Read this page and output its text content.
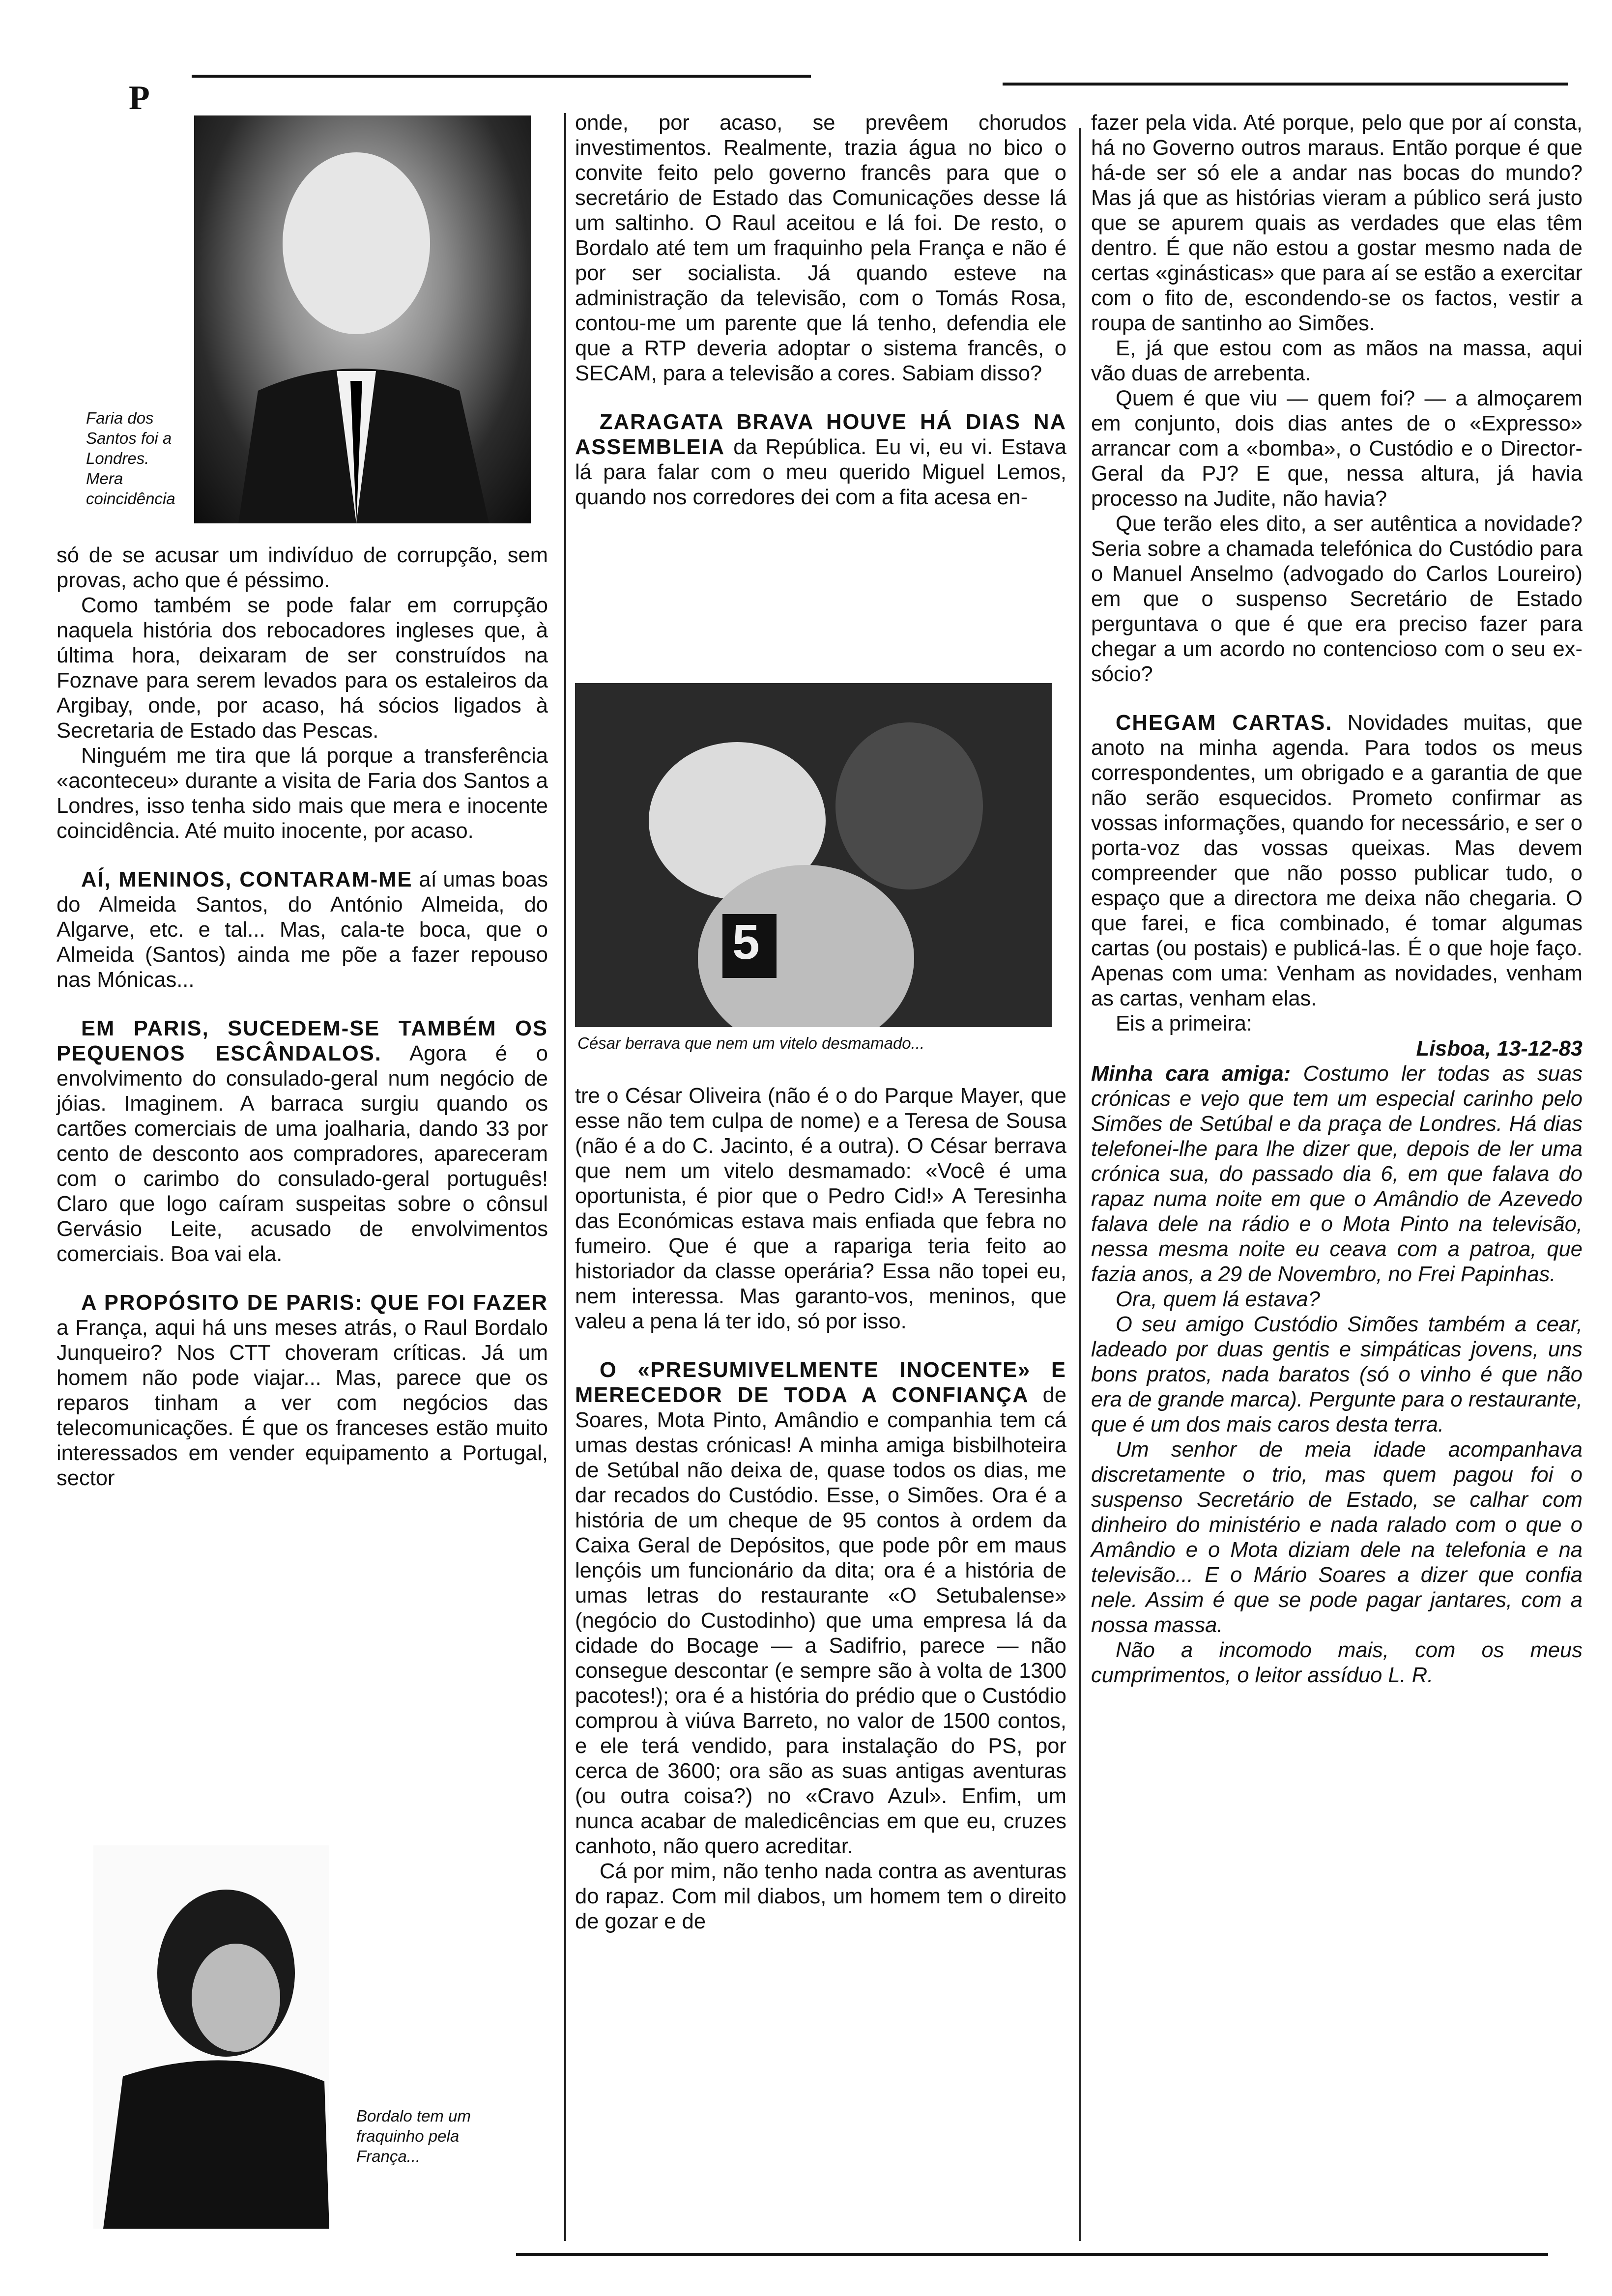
P

Faria dos Santos foi a Londres. Mera coincidência

só de se acusar um indivíduo de corrupção, sem provas, acho que é péssimo.

Como também se pode falar em corrupção naquela história dos rebocadores ingleses que, à última hora, deixaram de ser construídos na Foznave para serem levados para os estaleiros da Argibay, onde, por acaso, há sócios ligados à Secretaria de Estado das Pescas.

Ninguém me tira que lá porque a transferência «aconteceu» durante a visita de Faria dos Santos a Londres, isso tenha sido mais que mera e inocente coincidência. Até muito inocente, por acaso.

AÍ, MENINOS, CONTARAM-ME aí umas boas do Almeida Santos, do António Almeida, do Algarve, etc. e tal... Mas, cala-te boca, que o Almeida (Santos) ainda me põe a fazer repouso nas Mónicas...

EM PARIS, SUCEDEM-SE TAMBÉM OS PEQUENOS ESCÂNDALOS. Agora é o envolvimento do consulado-geral num negócio de jóias. Imaginem. A barraca surgiu quando os cartões comerciais de uma joalharia, dando 33 por cento de desconto aos compradores, apareceram com o carimbo do consulado-geral português! Claro que logo caíram suspeitas sobre o cônsul Gervásio Leite, acusado de envolvimentos comerciais. Boa vai ela.

A PROPÓSITO DE PARIS: QUE FOI FAZER a França, aqui há uns meses atrás, o Raul Bordalo Junqueiro? Nos CTT choveram críticas. Já um homem não pode viajar... Mas, parece que os reparos tinham a ver com negócios das telecomunicações. É que os franceses estão muito interessados em vender equipamento a Portugal, sector

Bordalo tem um fraquinho pela França...

onde, por acaso, se prevêem chorudos investimentos. Realmente, trazia água no bico o convite feito pelo governo francês para que o secretário de Estado das Comunicações desse lá um saltinho. O Raul aceitou e lá foi. De resto, o Bordalo até tem um fraquinho pela França e não é por ser socialista. Já quando esteve na administração da televisão, com o Tomás Rosa, contou-me um parente que lá tenho, defendia ele que a RTP deveria adoptar o sistema francês, o SECAM, para a televisão a cores. Sabiam disso?

ZARAGATA BRAVA HOUVE HÁ DIAS NA ASSEMBLEIA da República. Eu vi, eu vi. Estava lá para falar com o meu querido Miguel Lemos, quando nos corredores dei com a fita acesa en-

5

César berrava que nem um vitelo desmamado...

tre o César Oliveira (não é o do Parque Mayer, que esse não tem culpa de nome) e a Teresa de Sousa (não é a do C. Jacinto, é a outra). O César berrava que nem um vitelo desmamado: «Você é uma oportunista, é pior que o Pedro Cid!» A Teresinha das Económicas estava mais enfiada que febra no fumeiro. Que é que a rapariga teria feito ao historiador da classe operária? Essa não topei eu, nem interessa. Mas garanto-vos, meninos, que valeu a pena lá ter ido, só por isso.

O «PRESUMIVELMENTE INOCENTE» E MERECEDOR DE TODA A CONFIANÇA de Soares, Mota Pinto, Amândio e companhia tem cá umas destas crónicas! A minha amiga bisbilhoteira de Setúbal não deixa de, quase todos os dias, me dar recados do Custódio. Esse, o Simões. Ora é a história de um cheque de 95 contos à ordem da Caixa Geral de Depósitos, que pode pôr em maus lençóis um funcionário da dita; ora é a história de umas letras do restaurante «O Setubalense» (negócio do Custodinho) que uma empresa lá da cidade do Bocage — a Sadifrio, parece — não consegue descontar (e sempre são à volta de 1300 pacotes!); ora é a história do prédio que o Custódio comprou à viúva Barreto, no valor de 1500 contos, e ele terá vendido, para instalação do PS, por cerca de 3600; ora são as suas antigas aventuras (ou outra coisa?) no «Cravo Azul». Enfim, um nunca acabar de maledicências em que eu, cruzes canhoto, não quero acreditar.

Cá por mim, não tenho nada contra as aventuras do rapaz. Com mil diabos, um homem tem o direito de gozar e de

fazer pela vida. Até porque, pelo que por aí consta, há no Governo outros maraus. Então porque é que há-de ser só ele a andar nas bocas do mundo? Mas já que as histórias vieram a público será justo que se apurem quais as verdades que elas têm dentro. É que não estou a gostar mesmo nada de certas «ginásticas» que para aí se estão a exercitar com o fito de, escondendo-se os factos, vestir a roupa de santinho ao Simões.

E, já que estou com as mãos na massa, aqui vão duas de arrebenta.

Quem é que viu — quem foi? — a almoçarem em conjunto, dois dias antes de o «Expresso» arrancar com a «bomba», o Custódio e o Director-Geral da PJ? E que, nessa altura, já havia processo na Judite, não havia?

Que terão eles dito, a ser autêntica a novidade? Seria sobre a chamada telefónica do Custódio para o Manuel Anselmo (advogado do Carlos Loureiro) em que o suspenso Secretário de Estado perguntava o que é que era preciso fazer para chegar a um acordo no contencioso com o seu ex-sócio?

CHEGAM CARTAS. Novidades muitas, que anoto na minha agenda. Para todos os meus correspondentes, um obrigado e a garantia de que não serão esquecidos. Prometo confirmar as vossas informações, quando for necessário, e ser o porta-voz das vossas queixas. Mas devem compreender que não posso publicar tudo, o espaço que a directora me deixa não chegaria. O que farei, e fica combinado, é tomar algumas cartas (ou postais) e publicá-las. É o que hoje faço. Apenas com uma: Venham as novidades, venham as cartas, venham elas.

Eis a primeira:

Lisboa, 13-12-83

Minha cara amiga: Costumo ler todas as suas crónicas e vejo que tem um especial carinho pelo Simões de Setúbal e da praça de Londres. Há dias telefonei-lhe para lhe dizer que, depois de ler uma crónica sua, do passado dia 6, em que falava do rapaz numa noite em que o Amândio de Azevedo falava dele na rádio e o Mota Pinto na televisão, nessa mesma noite eu ceava com a patroa, que fazia anos, a 29 de Novembro, no Frei Papinhas.

Ora, quem lá estava?

O seu amigo Custódio Simões também a cear, ladeado por duas gentis e simpáticas jovens, uns bons pratos, nada baratos (só o vinho é que não era de grande marca). Pergunte para o restaurante, que é um dos mais caros desta terra.

Um senhor de meia idade acompanhava discretamente o trio, mas quem pagou foi o suspenso Secretário de Estado, se calhar com dinheiro do ministério e nada ralado com o que o Amândio e o Mota diziam dele na telefonia e na televisão... E o Mário Soares a dizer que confia nele. Assim é que se pode pagar jantares, com a nossa massa.

Não a incomodo mais, com os meus cumprimentos, o leitor assíduo L. R.
